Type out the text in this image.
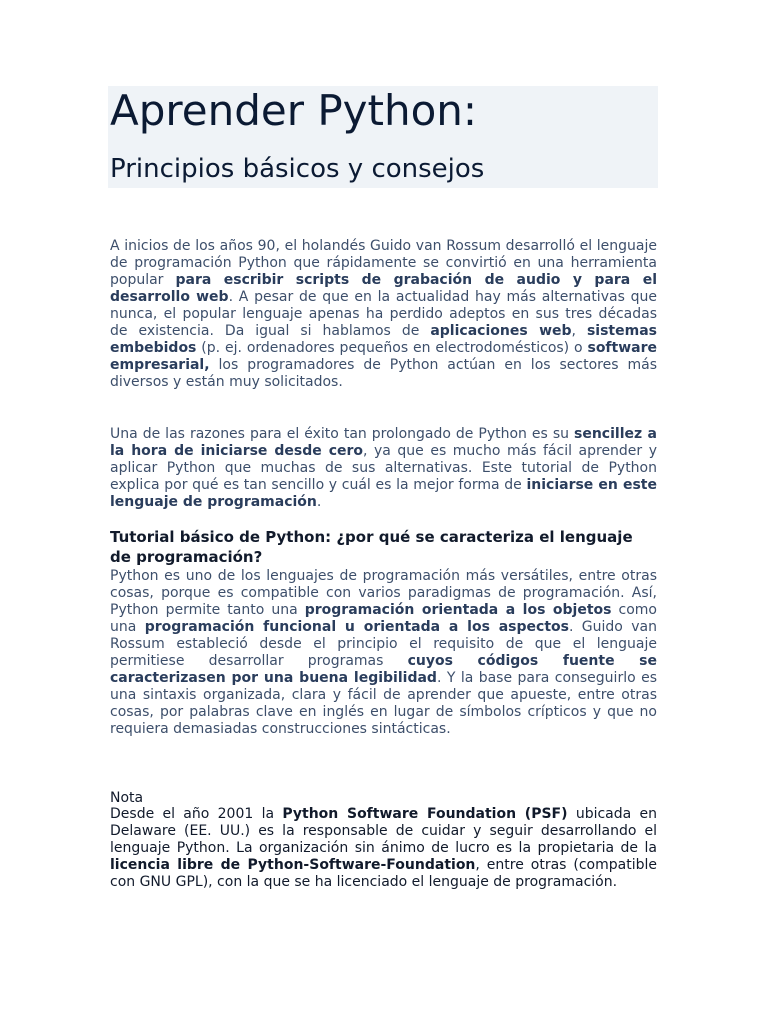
Aprender Python:
Principios básicos y consejos

A inicios de los años 90, el holandés Guido van Rossum desarrolló el lenguaje de programación Python que rápidamente se convirtió en una herramienta popular para escribir scripts de grabación de audio y para el desarrollo web. A pesar de que en la actualidad hay más alternativas que nunca, el popular lenguaje apenas ha perdido adeptos en sus tres décadas de existencia. Da igual si hablamos de aplicaciones web, sistemas embebidos (p. ej. ordenadores pequeños en electrodomésticos) o software empresarial, los programadores de Python actúan en los sectores más diversos y están muy solicitados.

Una de las razones para el éxito tan prolongado de Python es su sencillez a la hora de iniciarse desde cero, ya que es mucho más fácil aprender y aplicar Python que muchas de sus alternativas. Este tutorial de Python explica por qué es tan sencillo y cuál es la mejor forma de iniciarse en este lenguaje de programación.

Tutorial básico de Python: ¿por qué se caracteriza el lenguaje de programación?

Python es uno de los lenguajes de programación más versátiles, entre otras cosas, porque es compatible con varios paradigmas de programación. Así, Python permite tanto una programación orientada a los objetos como una programación funcional u orientada a los aspectos. Guido van Rossum estableció desde el principio el requisito de que el lenguaje permitiese desarrollar programas cuyos códigos fuente se caracterizasen por una buena legibilidad. Y la base para conseguirlo es una sintaxis organizada, clara y fácil de aprender que apueste, entre otras cosas, por palabras clave en inglés en lugar de símbolos crípticos y que no requiera demasiadas construcciones sintácticas.

Nota

Desde el año 2001 la Python Software Foundation (PSF) ubicada en Delaware (EE. UU.) es la responsable de cuidar y seguir desarrollando el lenguaje Python. La organización sin ánimo de lucro es la propietaria de la licencia libre de Python-Software-Foundation, entre otras (compatible con GNU GPL), con la que se ha licenciado el lenguaje de programación.
